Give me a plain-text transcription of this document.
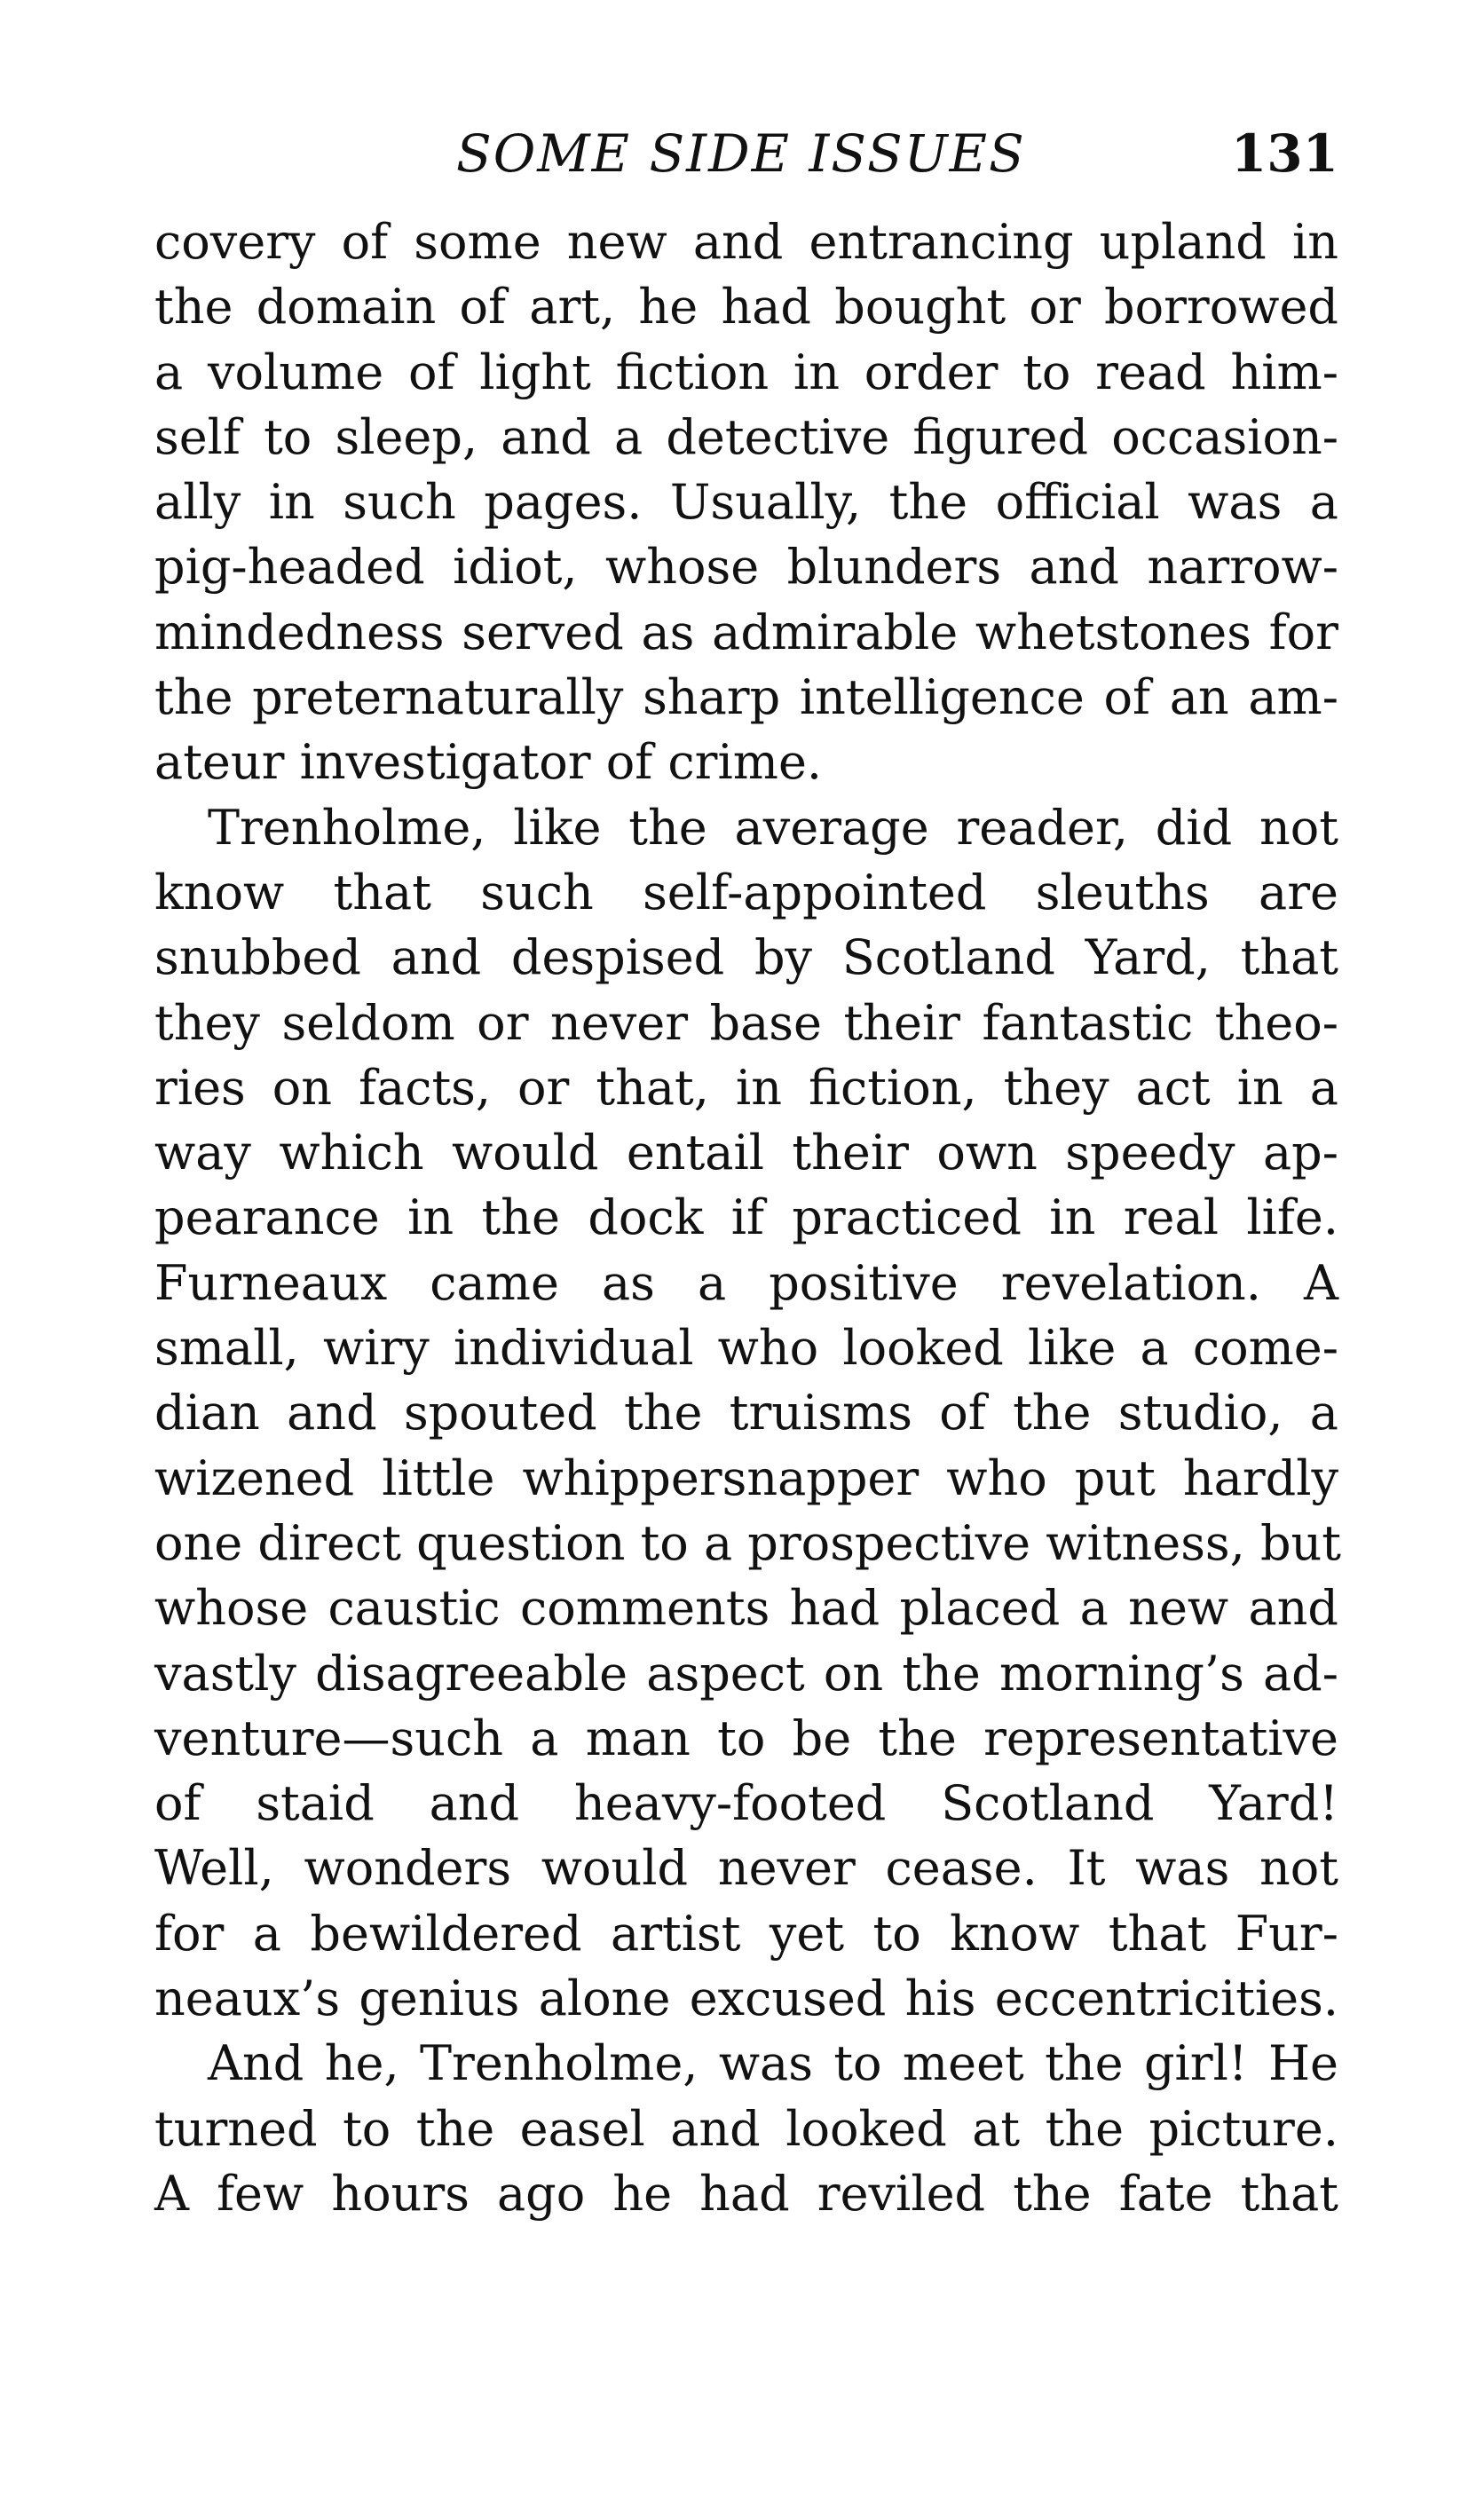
SOME SIDE ISSUES	131
covery of some new and entrancing upland in
the domain of art, he had bought or borrowed
a volume of light fiction in order to read him-
self to sleep, and a detective figured occasion-
ally in such pages. Usually, the official was a
pig-headed idiot, whose blunders and narrow-
mindedness served as admirable whetstones for
the preternaturally sharp intelligence of an am-
ateur investigator of crime.
Trenholme, like the average reader, did not
know that such self-appointed sleuths are
snubbed and despised by Scotland Yard, that
they seldom or never base their fantastic theo-
ries on facts, or that, in fiction, they act in a
way which would entail their own speedy ap-
pearance in the dock if practiced in real life.
Furneaux came as a positive revelation. A
small, wiry individual who looked like a come-
dian and spouted the truisms of the studio, a
wizened little whippersnapper who put hardly
one direct question to a prospective witness, but
whose caustic comments had placed a new and
vastly disagreeable aspect on the morning’s ad-
venture—such a man to be the representative
of staid and heavy-footed Scotland Yard!
Well, wonders would never cease. It was not
for a bewildered artist yet to know that Fur-
neaux’s genius alone excused his eccentricities.
And he, Trenholme, was to meet the girl! He
turned to the easel and looked at the picture.
A few hours ago he had reviled the fate that
